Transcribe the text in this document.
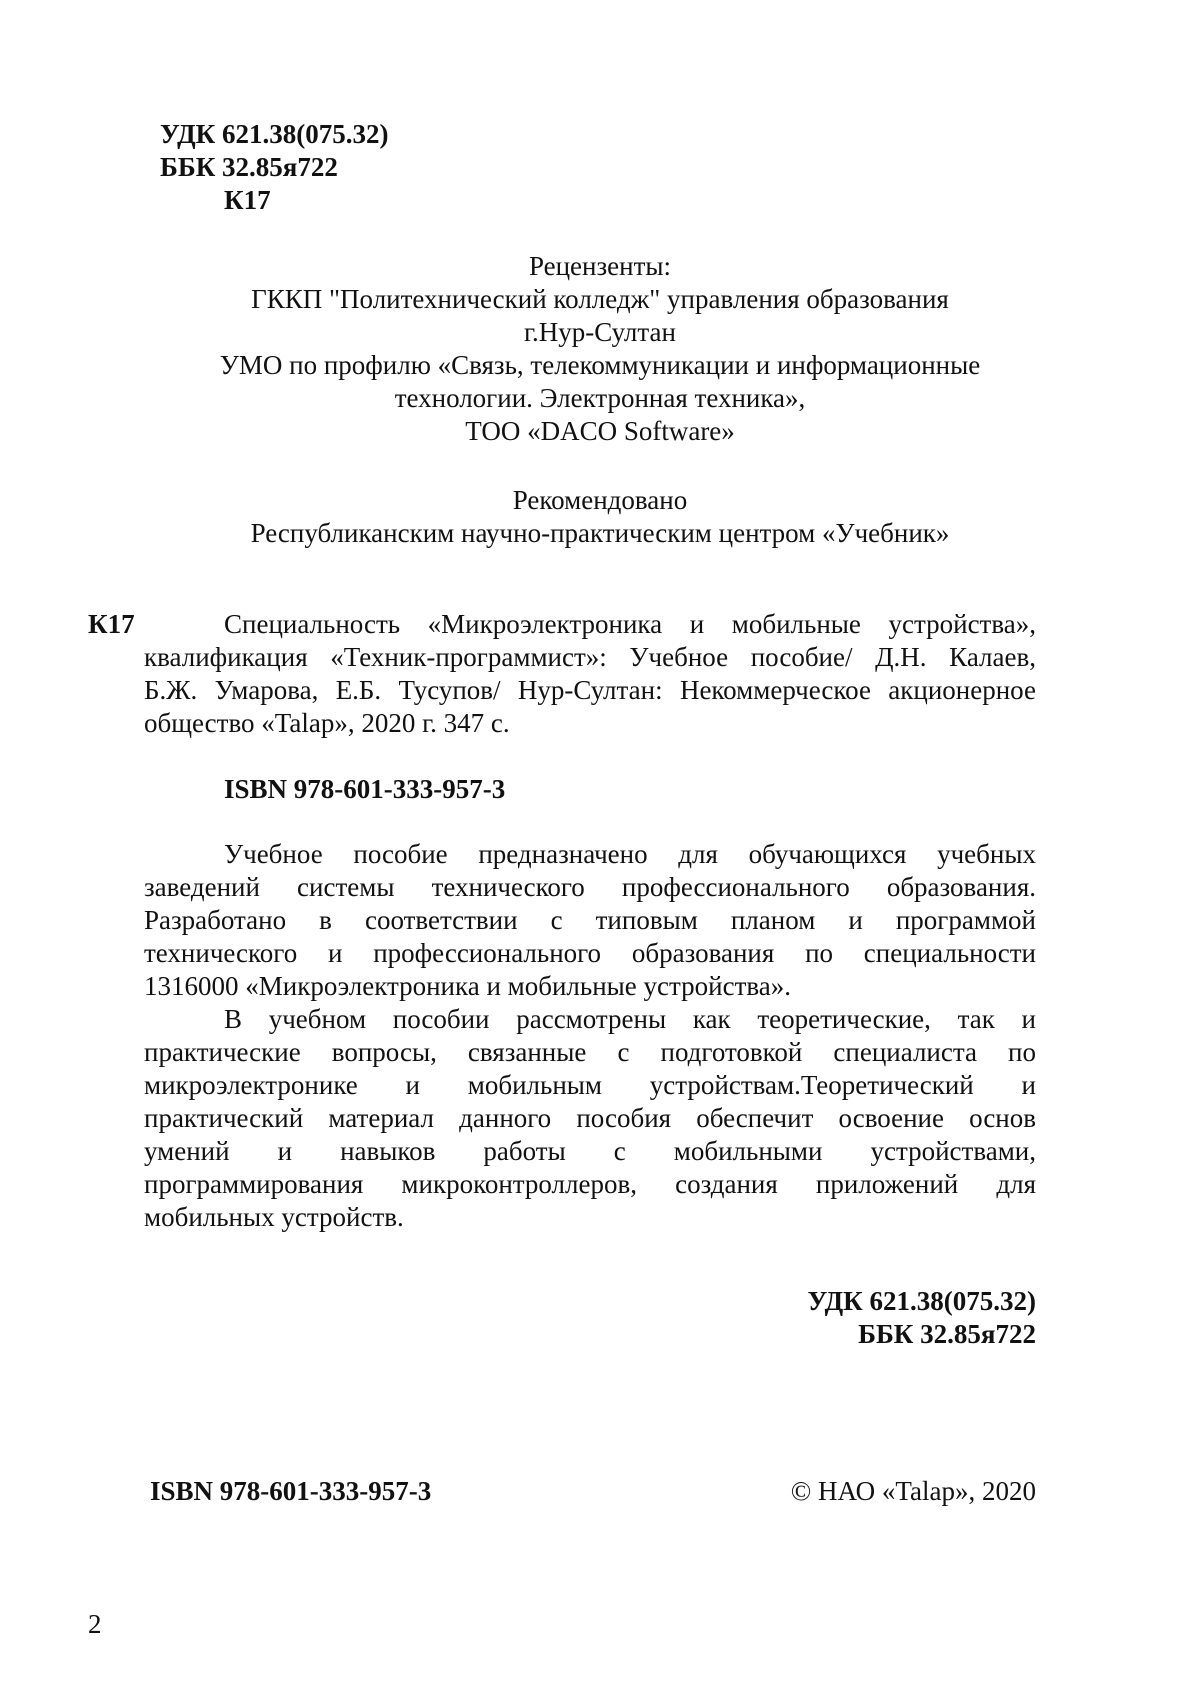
УДК 621.38(075.32)
ББК 32.85я722
К17
Рецензенты:
ГККП "Политехнический колледж" управления образования
г.Нур-Султан
УМО по профилю «Связь, телекоммуникации и информационные
технологии. Электронная техника»,
ТОО «DACO Software»
Рекомендовано
Республиканским научно-практическим центром «Учебник»
К17	Специальность «Микроэлектроника и мобильные устройства»,
квалификация «Техник-программист»: Учебное пособие/ Д.Н. Калаев,
Б.Ж. Умарова, Е.Б. Тусупов/ Нур-Султан: Некоммерческое акционерное
общество «Talap», 2020 г. 347 с.
ISBN 978-601-333-957-3
Учебное пособие предназначено для обучающихся учебных
заведений системы технического профессионального образования.
Разработано в соответствии с типовым планом и программой
технического и профессионального образования по специальности
1316000 «Микроэлектроника и мобильные устройства».
В учебном пособии рассмотрены как теоретические, так и
практические вопросы, связанные с подготовкой специалиста по
микроэлектронике и мобильным устройствам.Теоретический и
практический материал данного пособия обеспечит освоение основ
умений и навыков работы с мобильными устройствами,
программирования микроконтроллеров, создания приложений для
мобильных устройств.
УДК 621.38(075.32)
ББК 32.85я722
ISBN 978-601-333-957-3	© НАО «Talap», 2020
2
